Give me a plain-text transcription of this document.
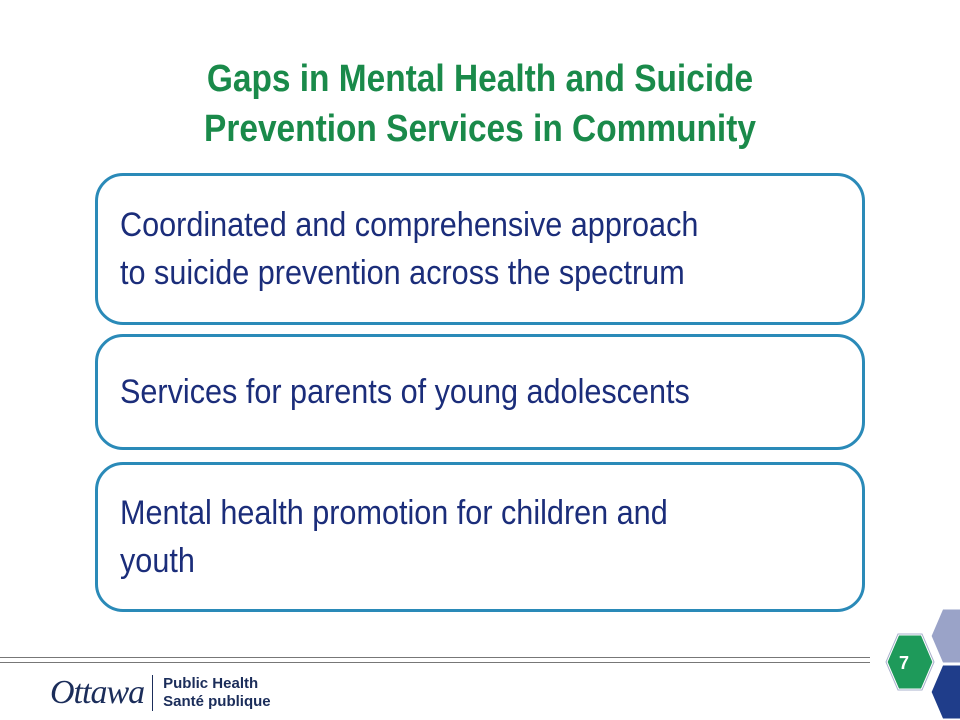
Gaps in Mental Health and Suicide
Prevention Services in Community
Coordinated and comprehensive approach
to suicide prevention across the spectrum
Services for parents of young adolescents
Mental health promotion for children and
youth
Ottawa Public Health
Santé publique
7
